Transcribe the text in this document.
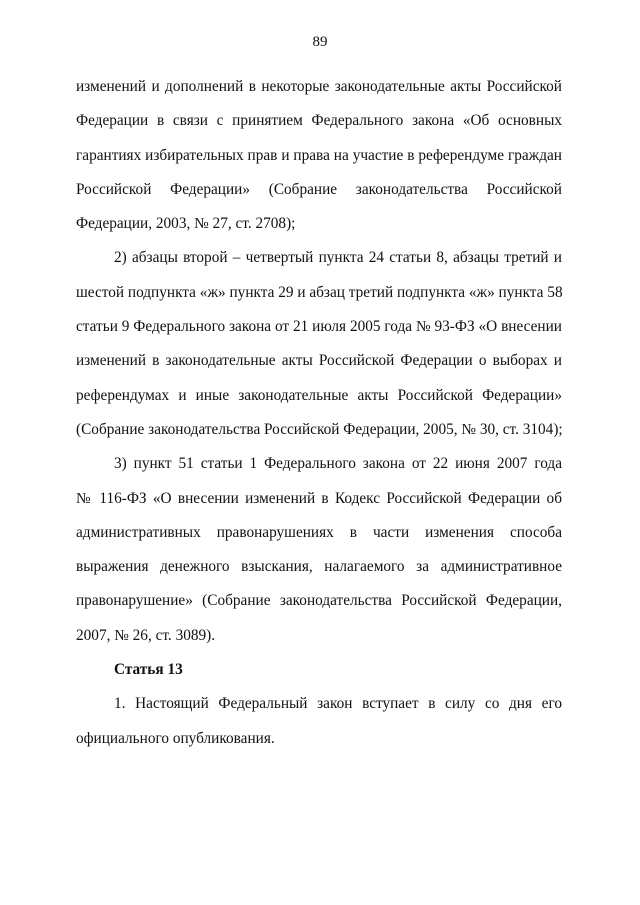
89

изменений и дополнений в некоторые законодательные акты Российской
Федерации в связи с принятием Федерального закона «Об основных
гарантиях избирательных прав и права на участие в референдуме граждан
Российской Федерации» (Собрание законодательства Российской
Федерации, 2003, № 27, ст. 2708);

2) абзацы второй – четвертый пункта 24 статьи 8, абзацы третий и
шестой подпункта «ж» пункта 29 и абзац третий подпункта «ж» пункта 58
статьи 9 Федерального закона от 21 июля 2005 года № 93-ФЗ «О внесении
изменений в законодательные акты Российской Федерации о выборах и
референдумах и иные законодательные акты Российской Федерации»
(Собрание законодательства Российской Федерации, 2005, № 30, ст. 3104);

3) пункт 51 статьи 1 Федерального закона от 22 июня 2007 года
№ 116-ФЗ «О внесении изменений в Кодекс Российской Федерации об
административных правонарушениях в части изменения способа
выражения денежного взыскания, налагаемого за административное
правонарушение» (Собрание законодательства Российской Федерации,
2007, № 26, ст. 3089).

Статья 13

1. Настоящий Федеральный закон вступает в силу со дня его
официального опубликования.
